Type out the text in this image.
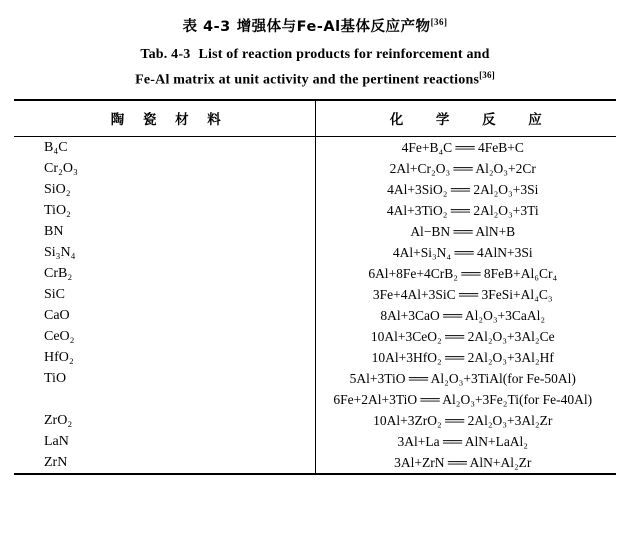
表 4-3 增强体与Fe-Al基体反应产物[36]
Tab. 4-3 List of reaction products for reinforcement and
Fe-Al matrix at unit activity and the pertinent reactions[36]

陶 瓷 材 料	化 学 反 应

B₄C	4Fe+B₄C ══ 4FeB+C
Cr₂O₃	2Al+Cr₂O₃ ══ Al₂O₃+2Cr
SiO₂	4Al+3SiO₂ ══ 2Al₂O₃+3Si
TiO₂	4Al+3TiO₂ ══ 2Al₂O₃+3Ti
BN	Al−BN ══ AlN+B
Si₃N₄	4Al+Si₃N₄ ══ 4AlN+3Si
CrB₂	6Al+8Fe+4CrB₂ ══ 8FeB+Al₆Cr₄
SiC	3Fe+4Al+3SiC ══ 3FeSi+Al₄C₃
CaO	8Al+3CaO ══ Al₂O₃+3CaAl₂
CeO₂	10Al+3CeO₂ ══ 2Al₂O₃+3Al₂Ce
HfO₂	10Al+3HfO₂ ══ 2Al₂O₃+3Al₂Hf
TiO	5Al+3TiO ══ Al₂O₃+3TiAl(for Fe-50Al)
	6Fe+2Al+3TiO ══ Al₂O₃+3Fe₂Ti(for Fe-40Al)
ZrO₂	10Al+3ZrO₂ ══ 2Al₂O₃+3Al₂Zr
LaN	3Al+La ══ AlN+LaAl₂
ZrN	3Al+ZrN ══ AlN+Al₂Zr
